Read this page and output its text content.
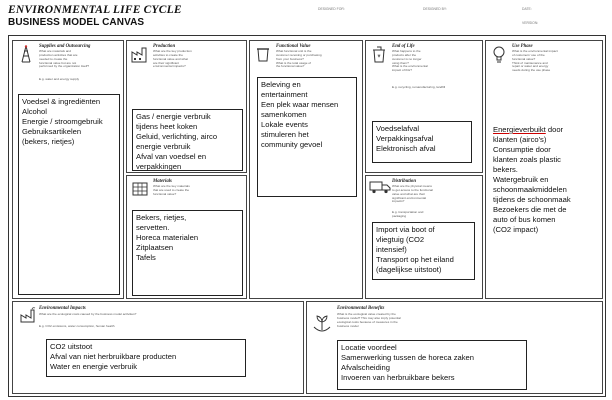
ENVIRONMENTAL LIFE CYCLE
BUSINESS MODEL CANVAS
DESIGNED FOR:	DESIGNED BY:	DATE:
VERSION:
Supplies and Outsourcing
What are materials and
production activities that are
needed to create the
functional value but are not
performed by the organization itself?
E.g. water and energy supply
Voedsel & ingrediënten
Alcohol
Energie / stroomgebruik
Gebruiksartikelen
(bekers, rietjes)
Production
What are the key production
activities to create the
functional value and what
are their significant
environmental impacts?
Gas / energie verbruik
tijdens heet koken
Geluid, verlichting, airco
energie verbruik
Afval van voedsel en
verpakkingen
Materials
What are the key materials
that are used to create the
functional value?
Bekers, rietjes,
servetten.
Horeca materialen
Zitplaatsen
Tafels
Functional Value
What functional unit is the
customer receiving or purchasing
from your business?
What is the total usage of
the functional value?
Beleving en
entertainment
Een plek waar mensen
samenkomen
Lokale events
stimuleren het
community gevoel
End of Life
What happens to the
products after the
customer is no longer
using them?
What is the environmental
impact of this?
E.g. recycling, remanufacturing, landfill
Voedselafval
Verpakkingsafval
Elektronisch afval
Distribution
What are the physical means
to get access to the functional
value and what are their
significant environmental
impacts?
E.g. transportation and
packaging
Import via boot of
vliegtuig (CO2
intensief)
Transport op het eiland
(dagelijkse uitstoot)
Use Phase
What is the environmental impact
of customers' use of the
functional value?
Think of maintenance and
repair or water and energy
needs during the use phase
Energieverbuikt door
klanten (airco's)
Consumptie door
klanten zoals plastic
bekers.
Watergebruik en
schoonmaakmiddelen
tijdens de schoonmaak
Bezoekers die met de
auto of bus komen
(CO2 impact)
Environmental Impacts
What are the ecological costs caused by the business model activities?
E.g. CO2 emissions, water consumption, human health
CO2 uitstoot
Afval van niet herbruikbare producten
Water en energie verbruik
Environmental Benefits
What is the ecological value created by the
business model? This may also imply potential
ecological costs because of measures in the
business model
Locatie voordeel
Samenwerking tussen de horeca zaken
Afvalscheiding
Invoeren van herbruikbare bekers
